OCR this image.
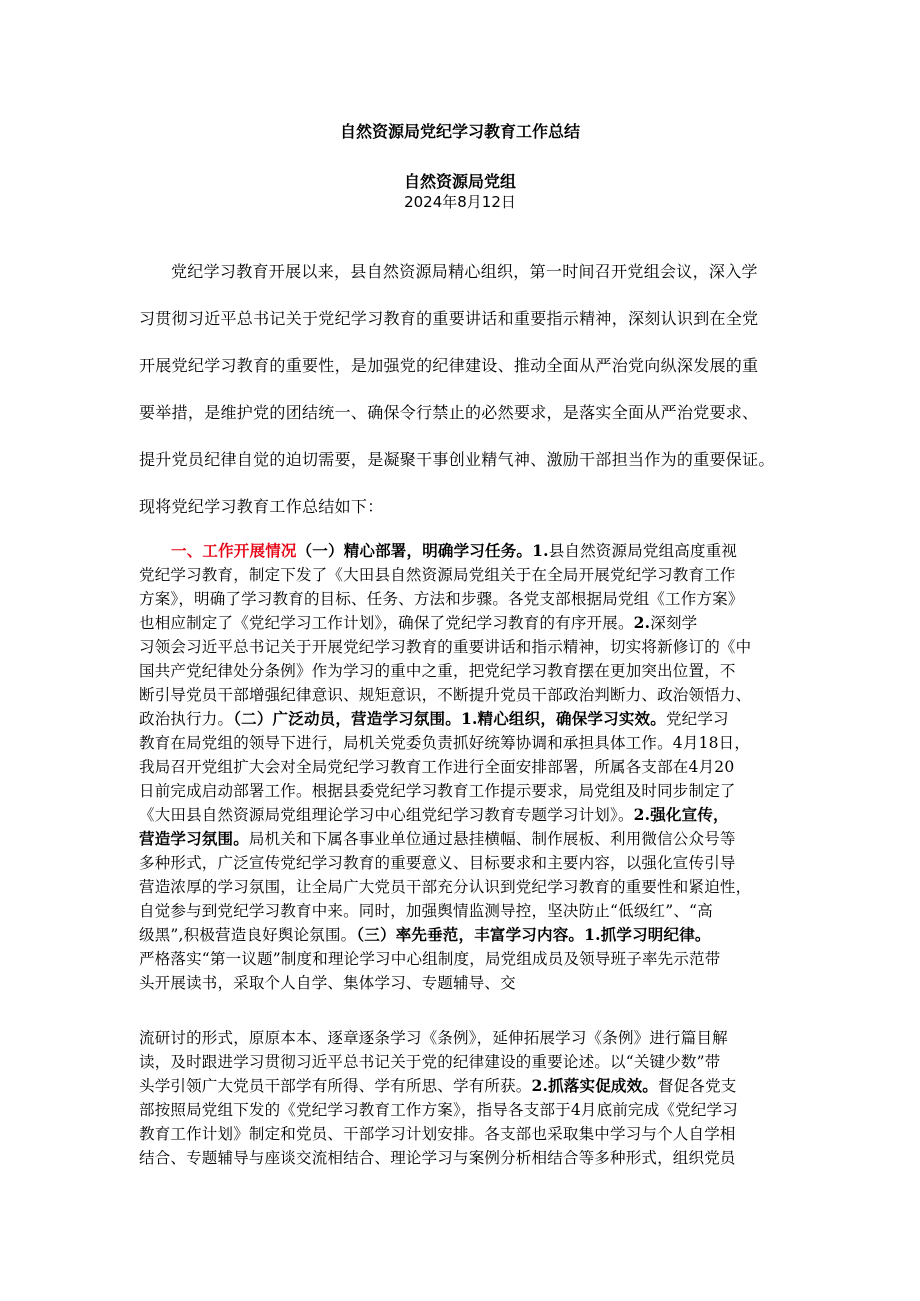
自然资源局党纪学习教育工作总结
自然资源局党组
2024年8月12日
党纪学习教育开展以来，县自然资源局精心组织，第一时间召开党组会议，深入学
习贯彻习近平总书记关于党纪学习教育的重要讲话和重要指示精神，深刻认识到在全党
开展党纪学习教育的重要性，是加强党的纪律建设、推动全面从严治党向纵深发展的重
要举措，是维护党的团结统一、确保令行禁止的必然要求，是落实全面从严治党要求、
提升党员纪律自觉的迫切需要，是凝聚干事创业精气神、激励干部担当作为的重要保证。
现将党纪学习教育工作总结如下：
一、工作开展情况（一）精心部署，明确学习任务。1.县自然资源局党组高度重视
党纪学习教育，制定下发了《大田县自然资源局党组关于在全局开展党纪学习教育工作
方案》，明确了学习教育的目标、任务、方法和步骤。各党支部根据局党组《工作方案》
也相应制定了《党纪学习工作计划》，确保了党纪学习教育的有序开展。2.深刻学
习领会习近平总书记关于开展党纪学习教育的重要讲话和指示精神，切实将新修订的《中
国共产党纪律处分条例》作为学习的重中之重，把党纪学习教育摆在更加突出位置，不
断引导党员干部增强纪律意识、规矩意识，不断提升党员干部政治判断力、政治领悟力、
政治执行力。（二）广泛动员，营造学习氛围。1.精心组织，确保学习实效。党纪学习
教育在局党组的领导下进行，局机关党委负责抓好统筹协调和承担具体工作。4月18日，
我局召开党组扩大会对全局党纪学习教育工作进行全面安排部署，所属各支部在4月20
日前完成启动部署工作。根据县委党纪学习教育工作提示要求，局党组及时同步制定了
《大田县自然资源局党组理论学习中心组党纪学习教育专题学习计划》。2.强化宣传，
营造学习氛围。局机关和下属各事业单位通过悬挂横幅、制作展板、利用微信公众号等
多种形式，广泛宣传党纪学习教育的重要意义、目标要求和主要内容，以强化宣传引导
营造浓厚的学习氛围，让全局广大党员干部充分认识到党纪学习教育的重要性和紧迫性，
自觉参与到党纪学习教育中来。同时，加强舆情监测导控，坚决防止“低级红”、“高
级黑”,积极营造良好舆论氛围。（三）率先垂范，丰富学习内容。1.抓学习明纪律。
严格落实“第一议题”制度和理论学习中心组制度，局党组成员及领导班子率先示范带
头开展读书，采取个人自学、集体学习、专题辅导、交
流研讨的形式，原原本本、逐章逐条学习《条例》，延伸拓展学习《条例》进行篇目解
读，及时跟进学习贯彻习近平总书记关于党的纪律建设的重要论述。以“关键少数”带
头学引领广大党员干部学有所得、学有所思、学有所获。2.抓落实促成效。督促各党支
部按照局党组下发的《党纪学习教育工作方案》，指导各支部于4月底前完成《党纪学习
教育工作计划》制定和党员、干部学习计划安排。各支部也采取集中学习与个人自学相
结合、专题辅导与座谈交流相结合、理论学习与案例分析相结合等多种形式，组织党员
